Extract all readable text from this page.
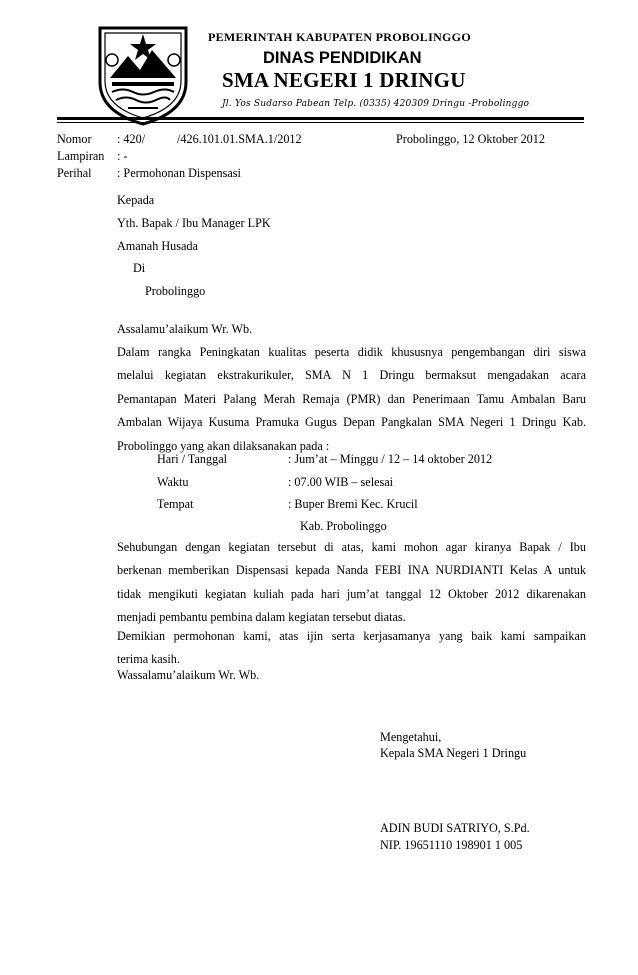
PEMERINTAH KABUPATEN PROBOLINGGO
DINAS PENDIDIKAN
SMA NEGERI 1 DRINGU
Jl. Yos Sudarso Pabean Telp. (0335) 420309 Dringu -Probolinggo
Nomor : 420/	/426.101.01.SMA.1/2012	Probolinggo, 12 Oktober 2012
Lampiran : -
Perihal : Permohonan Dispensasi
Kepada
Yth. Bapak / Ibu Manager LPK
Amanah Husada
Di
Probolinggo
Assalamu’alaikum Wr. Wb.
Dalam rangka Peningkatan kualitas peserta didik khususnya pengembangan diri siswa
melalui kegiatan ekstrakurikuler, SMA N 1 Dringu bermaksut mengadakan acara
Pemantapan Materi Palang Merah Remaja (PMR) dan Penerimaan Tamu Ambalan Baru
Ambalan Wijaya Kusuma Pramuka Gugus Depan Pangkalan SMA Negeri 1 Dringu Kab.
Probolinggo yang akan dilaksanakan pada :
Hari / Tanggal	: Jum’at – Minggu / 12 – 14 oktober 2012
Waktu	: 07.00 WIB – selesai
Tempat	: Buper Bremi Kec. Krucil
Kab. Probolinggo
Sehubungan dengan kegiatan tersebut di atas, kami mohon agar kiranya Bapak / Ibu
berkenan memberikan Dispensasi kepada Nanda FEBI INA NURDIANTI Kelas A untuk
tidak mengikuti kegiatan kuliah pada hari jum’at tanggal 12 Oktober 2012 dikarenakan
menjadi pembantu pembina dalam kegiatan tersebut diatas.
Demikian permohonan kami, atas ijin serta kerjasamanya yang baik kami sampaikan
terima kasih.
Wassalamu’alaikum Wr. Wb.
Mengetahui,
Kepala SMA Negeri 1 Dringu
ADIN BUDI SATRIYO, S.Pd.
NIP. 19651110 198901 1 005
